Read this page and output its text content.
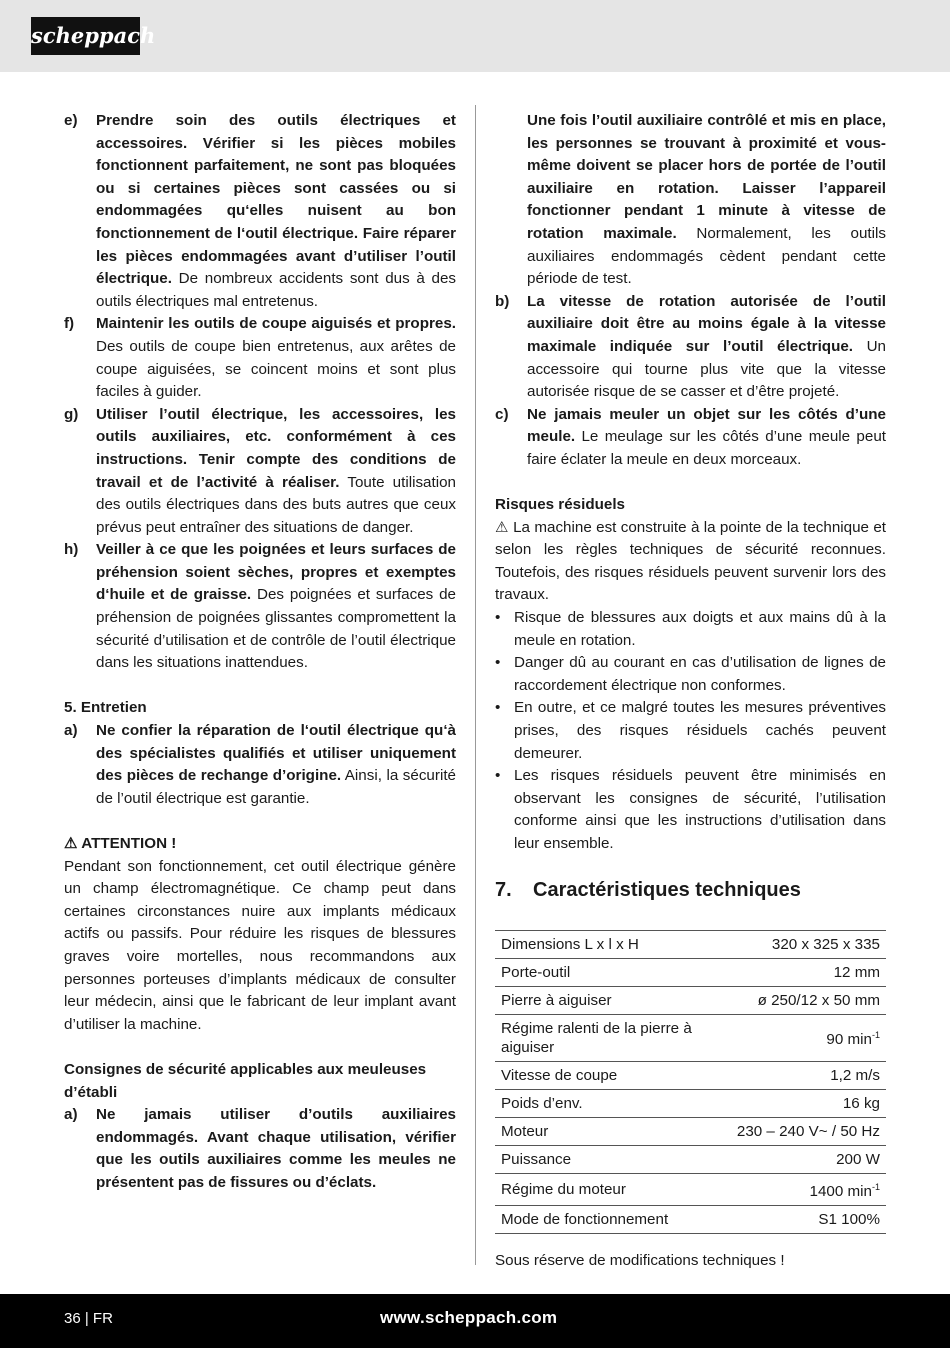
scheppach
e)	Prendre soin des outils électriques et accessoires. Vérifier si les pièces mobiles fonctionnent parfaitement, ne sont pas bloquées ou si certaines pièces sont cassées ou si endommagées qu‘elles nuisent au bon fonctionnement de l‘outil électrique. Faire réparer les pièces endommagées avant d’utiliser l’outil électrique. De nombreux accidents sont dus à des outils électriques mal entretenus.
f)	Maintenir les outils de coupe aiguisés et propres. Des outils de coupe bien entretenus, aux arêtes de coupe aiguisées, se coincent moins et sont plus faciles à guider.
g)	Utiliser l’outil électrique, les accessoires, les outils auxiliaires, etc. conformément à ces instructions. Tenir compte des conditions de travail et de l’activité à réaliser. Toute utilisation des outils électriques dans des buts autres que ceux prévus peut entraîner des situations de danger.
h)	Veiller à ce que les poignées et leurs surfaces de préhension soient sèches, propres et exemptes d‘huile et de graisse. Des poignées et surfaces de préhension de poignées glissantes compromettent la sécurité d’utilisation et de contrôle de l’outil électrique dans les situations inattendues.
5. Entretien
a)	Ne confier la réparation de l‘outil électrique qu‘à des spécialistes qualifiés et utiliser uniquement des pièces de rechange d’origine. Ainsi, la sécurité de l’outil électrique est garantie.
⚠ ATTENTION !
Pendant son fonctionnement, cet outil électrique génère un champ électromagnétique. Ce champ peut dans certaines circonstances nuire aux implants médicaux actifs ou passifs. Pour réduire les risques de blessures graves voire mortelles, nous recommandons aux personnes porteuses d’implants médicaux de consulter leur médecin, ainsi que le fabricant de leur implant avant d’utiliser la machine.
Consignes de sécurité applicables aux meuleuses d’établi
a)	Ne jamais utiliser d’outils auxiliaires endommagés. Avant chaque utilisation, vérifier que les outils auxiliaires comme les meules ne présentent pas de fissures ou d’éclats.
Une fois l’outil auxiliaire contrôlé et mis en place, les personnes se trouvant à proximité et vous-même doivent se placer hors de portée de l’outil auxiliaire en rotation. Laisser l’appareil fonctionner pendant 1 minute à vitesse de rotation maximale. Normalement, les outils auxiliaires endommagés cèdent pendant cette période de test.
b)	La vitesse de rotation autorisée de l’outil auxiliaire doit être au moins égale à la vitesse maximale indiquée sur l’outil électrique. Un accessoire qui tourne plus vite que la vitesse autorisée risque de se casser et d’être projeté.
c)	Ne jamais meuler un objet sur les côtés d’une meule. Le meulage sur les côtés d’une meule peut faire éclater la meule en deux morceaux.
Risques résiduels
⚠ La machine est construite à la pointe de la technique et selon les règles techniques de sécurité reconnues. Toutefois, des risques résiduels peuvent survenir lors des travaux.
• Risque de blessures aux doigts et aux mains dû à la meule en rotation.
• Danger dû au courant en cas d’utilisation de lignes de raccordement électrique non conformes.
• En outre, et ce malgré toutes les mesures préventives prises, des risques résiduels cachés peuvent demeurer.
• Les risques résiduels peuvent être minimisés en observant les consignes de sécurité, l’utilisation conforme ainsi que les instructions d’utilisation dans leur ensemble.
7.	Caractéristiques techniques
Dimensions L x l x H	320 x 325 x 335
Porte-outil	12 mm
Pierre à aiguiser	ø 250/12 x 50 mm
Régime ralenti de la pierre à aiguiser	90 $\min^{-1}$
Vitesse de coupe	1,2 m/s
Poids d’env.	16 kg
Moteur	230 – 240 V~ / 50 Hz
Puissance	200 W
Régime du moteur	1400 $\min^{-1}$
Mode de fonctionnement	S1 100%
Sous réserve de modifications techniques !
36 | FR	www.scheppach.com
